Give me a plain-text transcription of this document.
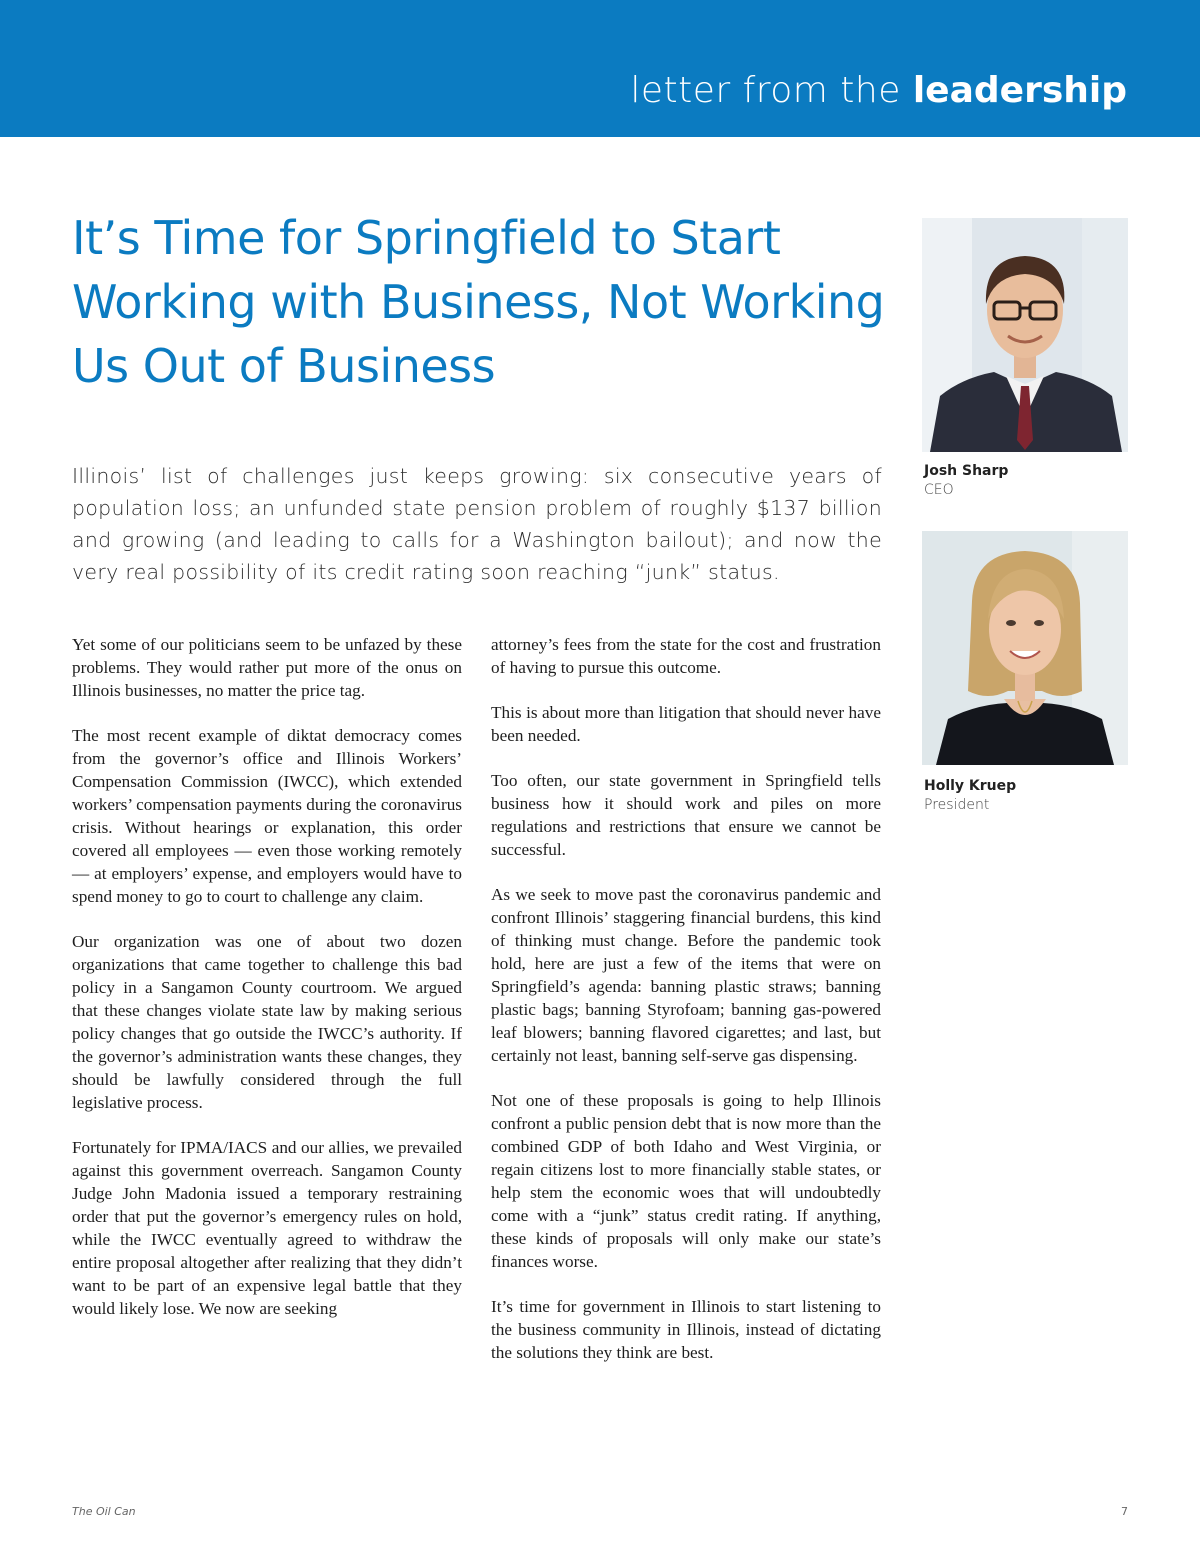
letter from the leadership
It’s Time for Springfield to Start Working with Business, Not Working Us Out of Business

Illinois’ list of challenges just keeps growing: six consecutive years of population loss; an unfunded state pension problem of roughly $137 billion and growing (and leading to calls for a Washington bailout); and now the very real possibility of its credit rating soon reaching “junk” status.

Yet some of our politicians seem to be unfazed by these problems. They would rather put more of the onus on Illinois businesses, no matter the price tag.

The most recent example of diktat democracy comes from the governor’s office and Illinois Workers’ Compensation Commission (IWCC), which extended workers’ compensation payments during the coronavirus crisis. Without hearings or explanation, this order covered all employees — even those working remotely — at employers’ expense, and employers would have to spend money to go to court to challenge any claim.

Our organization was one of about two dozen organizations that came together to challenge this bad policy in a Sangamon County courtroom. We argued that these changes violate state law by making serious policy changes that go outside the IWCC’s authority. If the governor’s administration wants these changes, they should be lawfully considered through the full legislative process.

Fortunately for IPMA/IACS and our allies, we prevailed against this government overreach. Sangamon County Judge John Madonia issued a temporary restraining order that put the governor’s emergency rules on hold, while the IWCC eventually agreed to withdraw the entire proposal altogether after realizing that they didn’t want to be part of an expensive legal battle that they would likely lose. We now are seeking

attorney’s fees from the state for the cost and frustration of having to pursue this outcome.

This is about more than litigation that should never have been needed.

Too often, our state government in Springfield tells business how it should work and piles on more regulations and restrictions that ensure we cannot be successful.

As we seek to move past the coronavirus pandemic and confront Illinois’ staggering financial burdens, this kind of thinking must change. Before the pandemic took hold, here are just a few of the items that were on Springfield’s agenda: banning plastic straws; banning plastic bags; banning Styrofoam; banning gas-powered leaf blowers; banning flavored cigarettes; and last, but certainly not least, banning self-serve gas dispensing.

Not one of these proposals is going to help Illinois confront a public pension debt that is now more than the combined GDP of both Idaho and West Virginia, or regain citizens lost to more financially stable states, or help stem the economic woes that will undoubtedly come with a “junk” status credit rating. If anything, these kinds of proposals will only make our state’s finances worse.

It’s time for government in Illinois to start listening to the business community in Illinois, instead of dictating the solutions they think are best.

Josh Sharp
CEO
Holly Kruep
President
The Oil Can	7
